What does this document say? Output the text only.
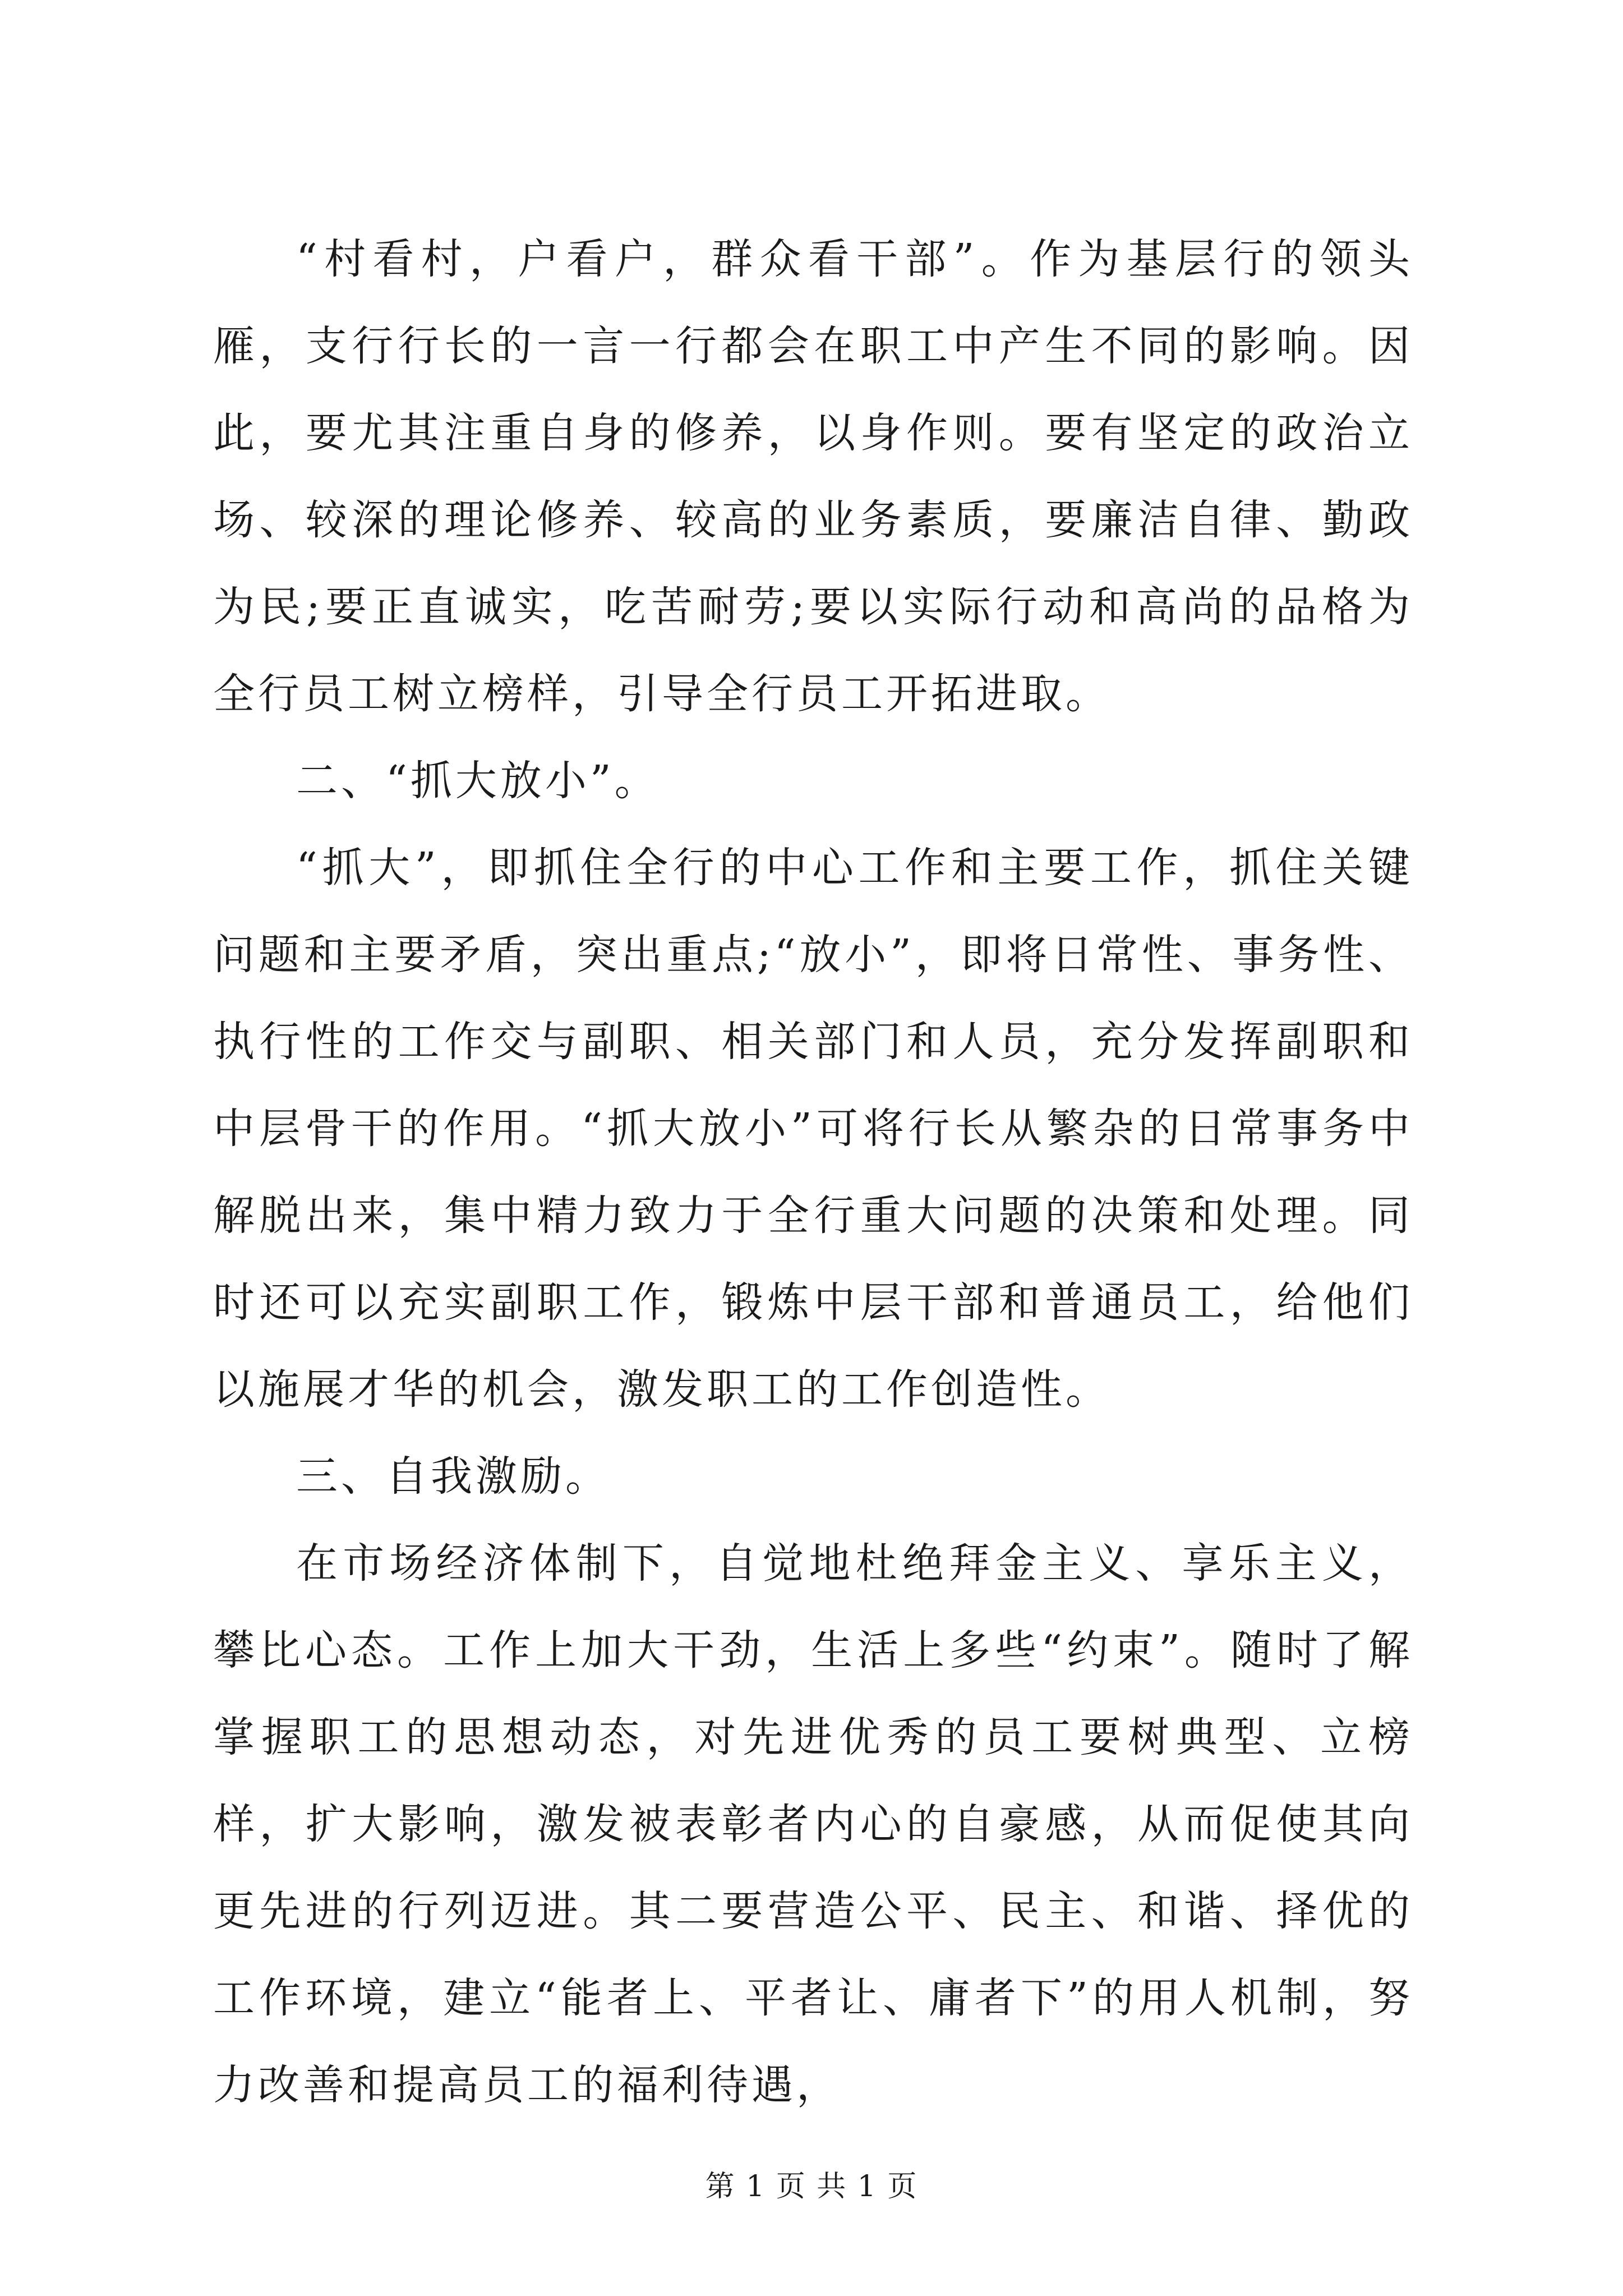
“村看村，户看户，群众看干部”。作为基层行的领头雁，支行行长的一言一行都会在职工中产生不同的影响。因此，要尤其注重自身的修养，以身作则。要有坚定的政治立场、较深的理论修养、较高的业务素质，要廉洁自律、勤政为民;要正直诚实，吃苦耐劳;要以实际行动和高尚的品格为全行员工树立榜样，引导全行员工开拓进取。

二、“抓大放小”。

“抓大”，即抓住全行的中心工作和主要工作，抓住关键问题和主要矛盾，突出重点;“放小”，即将日常性、事务性、执行性的工作交与副职、相关部门和人员，充分发挥副职和中层骨干的作用。“抓大放小”可将行长从繁杂的日常事务中解脱出来，集中精力致力于全行重大问题的决策和处理。同时还可以充实副职工作，锻炼中层干部和普通员工，给他们以施展才华的机会，激发职工的工作创造性。

三、自我激励。

在市场经济体制下，自觉地杜绝拜金主义、享乐主义，攀比心态。工作上加大干劲，生活上多些“约束”。随时了解掌握职工的思想动态，对先进优秀的员工要树典型、立榜样，扩大影响，激发被表彰者内心的自豪感，从而促使其向更先进的行列迈进。其二要营造公平、民主、和谐、择优的工作环境，建立“能者上、平者让、庸者下”的用人机制，努力改善和提高员工的福利待遇，

第 1 页 共 1 页
